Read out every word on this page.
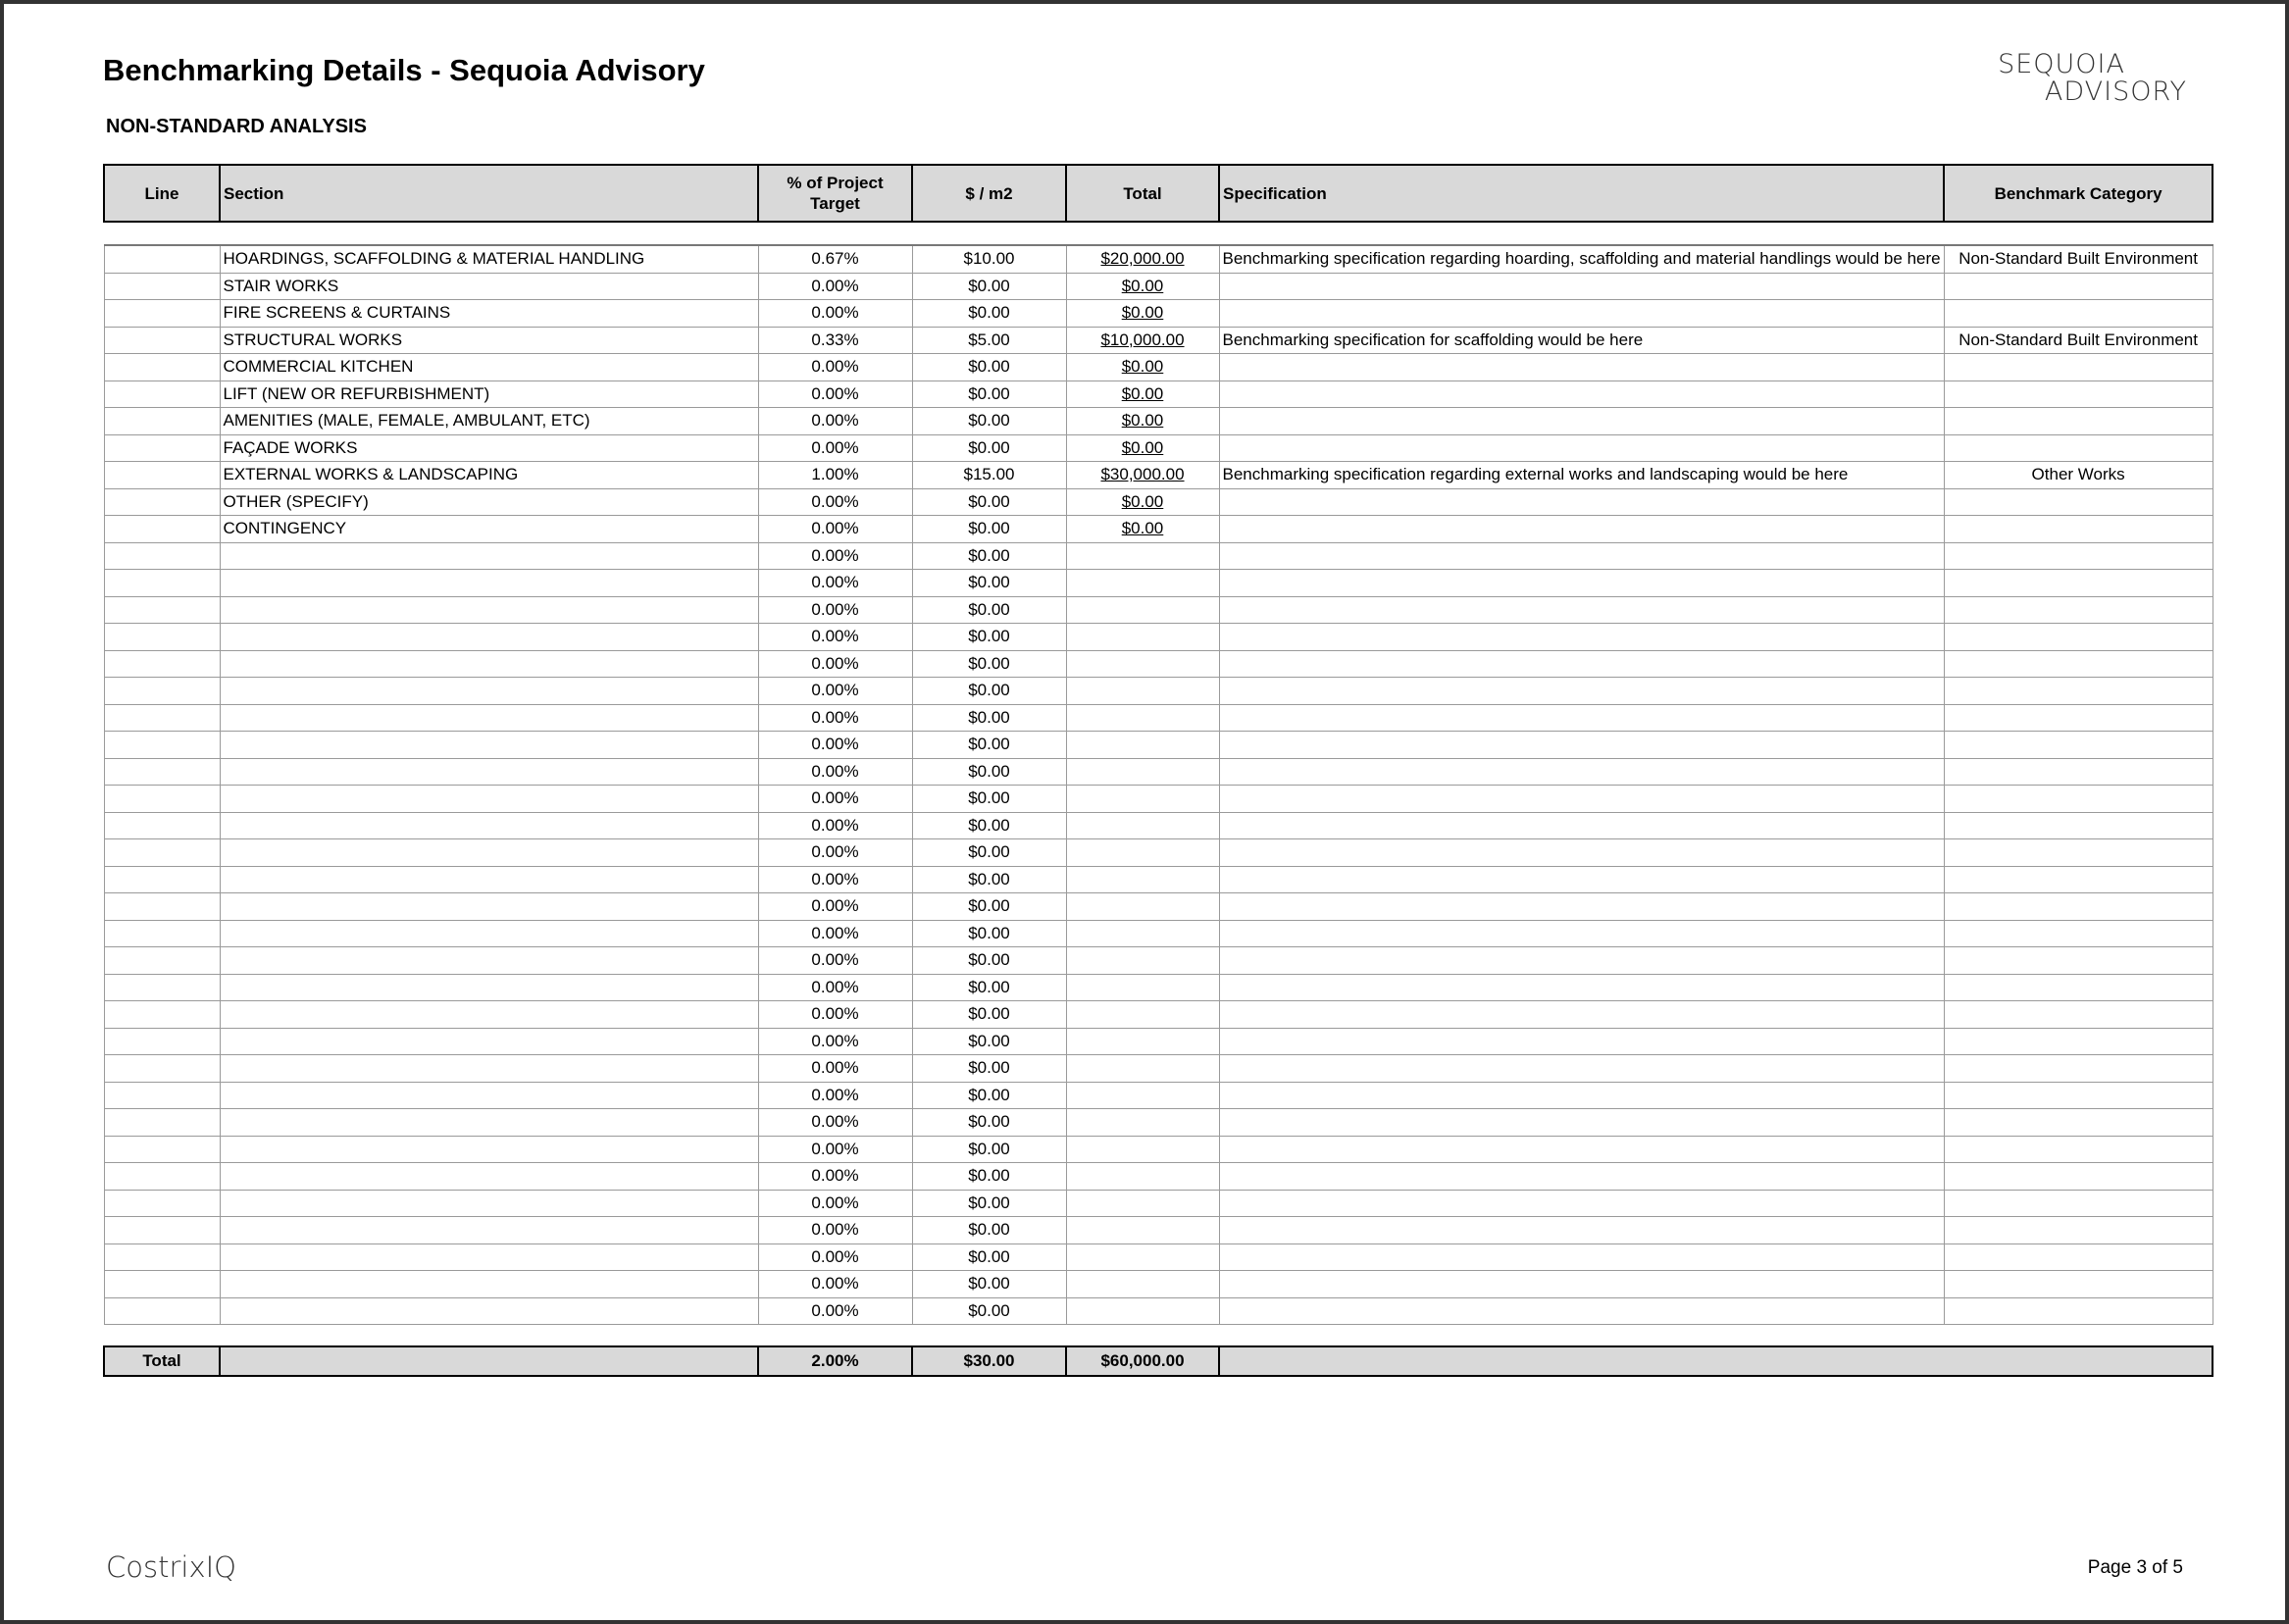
Benchmarking Details - Sequoia Advisory
NON-STANDARD ANALYSIS
SEQUOIA
ADVISORY
Line	Section	% of Project Target	$ / m2	Total	Specification	Benchmark Category

	HOARDINGS, SCAFFOLDING & MATERIAL HANDLING	0.67%	$10.00	$20,000.00	Benchmarking specification regarding hoarding, scaffolding and material handlings would be here	Non-Standard Built Environment
	STAIR WORKS	0.00%	$0.00	$0.00		
	FIRE SCREENS & CURTAINS	0.00%	$0.00	$0.00		
	STRUCTURAL WORKS	0.33%	$5.00	$10,000.00	Benchmarking specification for scaffolding would be here	Non-Standard Built Environment
	COMMERCIAL KITCHEN	0.00%	$0.00	$0.00		
	LIFT (NEW OR REFURBISHMENT)	0.00%	$0.00	$0.00		
	AMENITIES (MALE, FEMALE, AMBULANT, ETC)	0.00%	$0.00	$0.00		
	FAÇADE WORKS	0.00%	$0.00	$0.00		
	EXTERNAL WORKS & LANDSCAPING	1.00%	$15.00	$30,000.00	Benchmarking specification regarding external works and landscaping would be here	Other Works
	OTHER (SPECIFY)	0.00%	$0.00	$0.00		
	CONTINGENCY	0.00%	$0.00	$0.00		
		0.00%	$0.00			
		0.00%	$0.00			
		0.00%	$0.00			
		0.00%	$0.00			
		0.00%	$0.00			
		0.00%	$0.00			
		0.00%	$0.00			
		0.00%	$0.00			
		0.00%	$0.00			
		0.00%	$0.00			
		0.00%	$0.00			
		0.00%	$0.00			
		0.00%	$0.00			
		0.00%	$0.00			
		0.00%	$0.00			
		0.00%	$0.00			
		0.00%	$0.00			
		0.00%	$0.00			
		0.00%	$0.00			
		0.00%	$0.00			
		0.00%	$0.00			
		0.00%	$0.00			
		0.00%	$0.00			
		0.00%	$0.00			
		0.00%	$0.00			
		0.00%	$0.00			
		0.00%	$0.00			
		0.00%	$0.00			
		0.00%	$0.00			

Total		2.00%	$30.00	$60,000.00		
CostrixIQ	Page 3 of 5
